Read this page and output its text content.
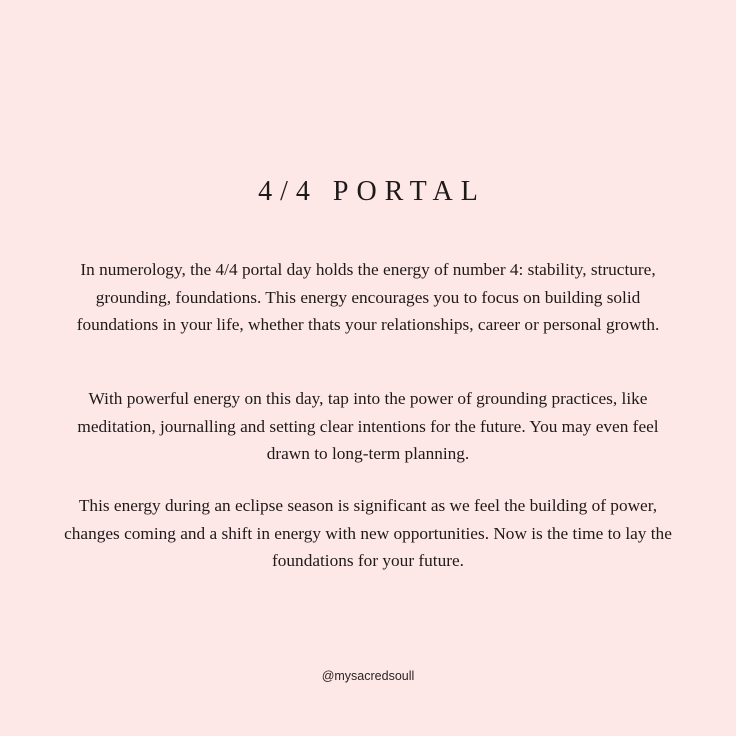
4/4 PORTAL

In numerology, the 4/4 portal day holds the energy of number 4: stability, structure, grounding, foundations. This energy encourages you to focus on building solid foundations in your life, whether thats your relationships, career or personal growth.

With powerful energy on this day, tap into the power of grounding practices, like meditation, journalling and setting clear intentions for the future. You may even feel drawn to long-term planning.

This energy during an eclipse season is significant as we feel the building of power, changes coming and a shift in energy with new opportunities. Now is the time to lay the foundations for your future.

@mysacredsoull
